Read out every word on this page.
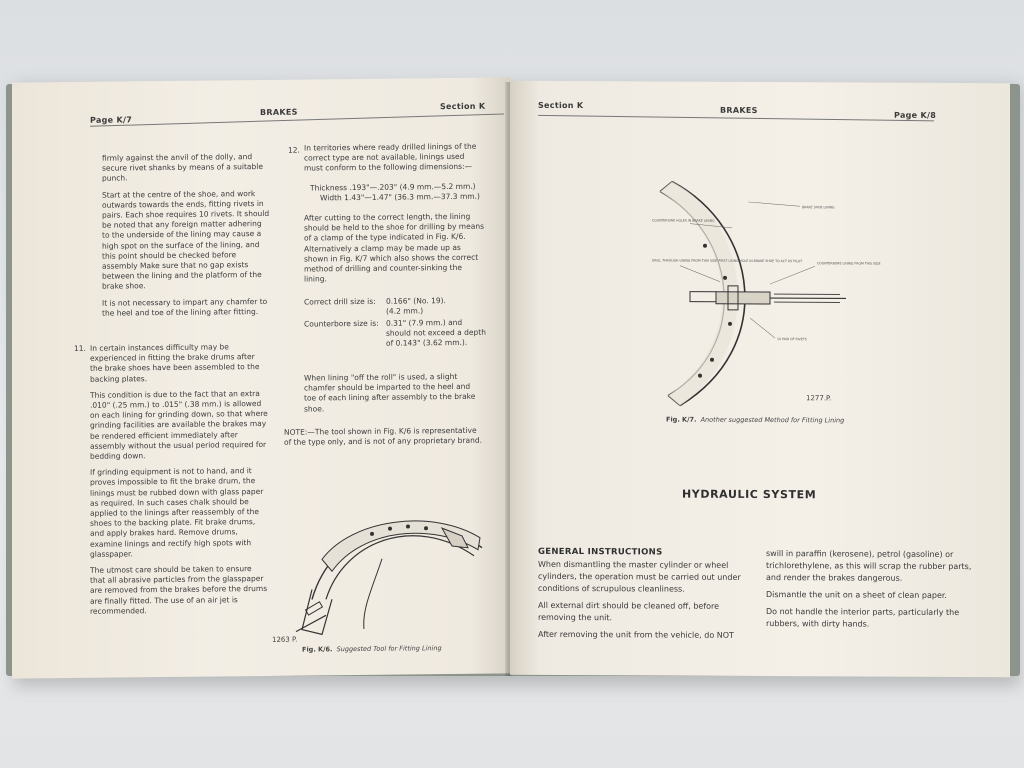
Page K/7
BRAKES
Section K

firmly against the anvil of the dolly, and secure rivet shanks by means of a suitable punch.

Start at the centre of the shoe, and work outwards towards the ends, fitting rivets in pairs. Each shoe requires 10 rivets. It should be noted that any foreign matter adhering to the underside of the lining may cause a high spot on the surface of the lining, and this point should be checked before assembly Make sure that no gap exists between the lining and the platform of the brake shoe.

It is not necessary to impart any chamfer to the heel and toe of the lining after fitting.

11. In certain instances difficulty may be experienced in fitting the brake drums after the brake shoes have been assembled to the backing plates.

This condition is due to the fact that an extra .010" (.25 mm.) to .015" (.38 mm.) is allowed on each lining for grinding down, so that where grinding facilities are available the brakes may be rendered efficient immediately after assembly without the usual period required for bedding down.

If grinding equipment is not to hand, and it proves impossible to fit the brake drum, the linings must be rubbed down with glass paper as required. In such cases chalk should be applied to the linings after reassembly of the shoes to the backing plate. Fit brake drums, and apply brakes hard. Remove drums, examine linings and rectify high spots with glasspaper.

The utmost care should be taken to ensure that all abrasive particles from the glasspaper are removed from the brakes before the drums are finally fitted. The use of an air jet is recommended.

12. In territories where ready drilled linings of the correct type are not available, linings used must conform to the following dimensions:—
Thickness .193"—.203" (4.9 mm.—5.2 mm.)
Width 1.43"—1.47" (36.3 mm.—37.3 mm.)
After cutting to the correct length, the lining should be held to the shoe for drilling by means of a clamp of the type indicated in Fig. K/6. Alternatively a clamp may be made up as shown in Fig. K/7 which also shows the correct method of drilling and counter-sinking the lining.
Correct drill size is: 0.166" (No. 19).
(4.2 mm.)
Counterbore size is: 0.31" (7.9 mm.) and should not exceed a depth of 0.143" (3.62 mm.).
When lining "off the roll" is used, a slight chamfer should be imparted to the heel and toe of each lining after assembly to the brake shoe.
NOTE:—The tool shown in Fig. K/6 is representative of the type only, and is not of any proprietary brand.
1263 P.
Fig. K/6. Suggested Tool for Fitting Lining
Section K
BRAKES
Page K/8
BRAKE SHOE LINING
COUNTERSINK HOLES IN BRAKE LINING
DRILL THROUGH LINING FROM THIS SIDE FIRST USING HOLE IN BRAKE SHOE TO ACT AS PILOT
COUNTERBORE LINING FROM THIS SIDE
10 PAIR OF RIVETS
1277.P.
Fig. K/7. Another suggested Method for Fitting Lining
HYDRAULIC SYSTEM
GENERAL INSTRUCTIONS

When dismantling the master cylinder or wheel cylinders, the operation must be carried out under conditions of scrupulous cleanliness.

All external dirt should be cleaned off, before removing the unit.

After removing the unit from the vehicle, do NOT

swill in paraffin (kerosene), petrol (gasoline) or trichlorethylene, as this will scrap the rubber parts, and render the brakes dangerous.

Dismantle the unit on a sheet of clean paper.

Do not handle the interior parts, particularly the rubbers, with dirty hands.
